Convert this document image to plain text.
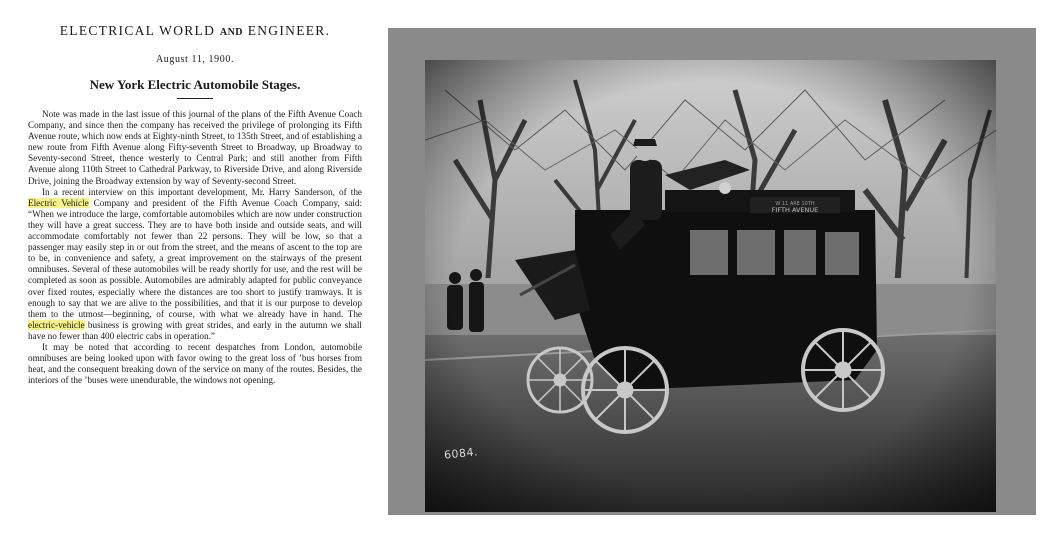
ELECTRICAL WORLD AND ENGINEER.
August 11, 1900.
New York Electric Automobile Stages.

Note was made in the last issue of this journal of the plans of the Fifth Avenue Coach Company, and since then the company has received the privilege of prolonging its Fifth Avenue route, which now ends at Eighty-ninth Street, to 135th Street, and of establishing a new route from Fifth Avenue along Fifty-seventh Street to Broadway, up Broadway to Seventy-second Street, thence westerly to Central Park; and still another from Fifth Avenue along 110th Street to Cathedral Parkway, to Riverside Drive, and along Riverside Drive, joining the Broadway extension by way of Seventy-second Street.

In a recent interview on this important development, Mr. Harry Sanderson, of the Electric Vehicle Company and president of the Fifth Avenue Coach Company, said: “When we introduce the large, comfortable automobiles which are now under construction they will have a great success. They are to have both inside and outside seats, and will accommodate comfortably not fewer than 22 persons. They will be low, so that a passenger may easily step in or out from the street, and the means of ascent to the top are to be, in convenience and safety, a great improvement on the stairways of the present omnibuses. Several of these automobiles will be ready shortly for use, and the rest will be completed as soon as possible. Automobiles are admirably adapted for public conveyance over fixed routes, especially where the distances are too short to justify tramways. It is enough to say that we are alive to the possibilities, and that it is our purpose to develop them to the utmost—beginning, of course, with what we already have in hand. The electric-vehicle business is growing with great strides, and early in the autumn we shall have no fewer than 400 electric cabs in operation.”

It may be noted that according to recent despatches from London, automobile omnibuses are being looked upon with favor owing to the great loss of ’bus horses from heat, and the consequent breaking down of the service on many of the routes. Besides, the interiors of the ’buses were unendurable, the windows not opening.

6084.
